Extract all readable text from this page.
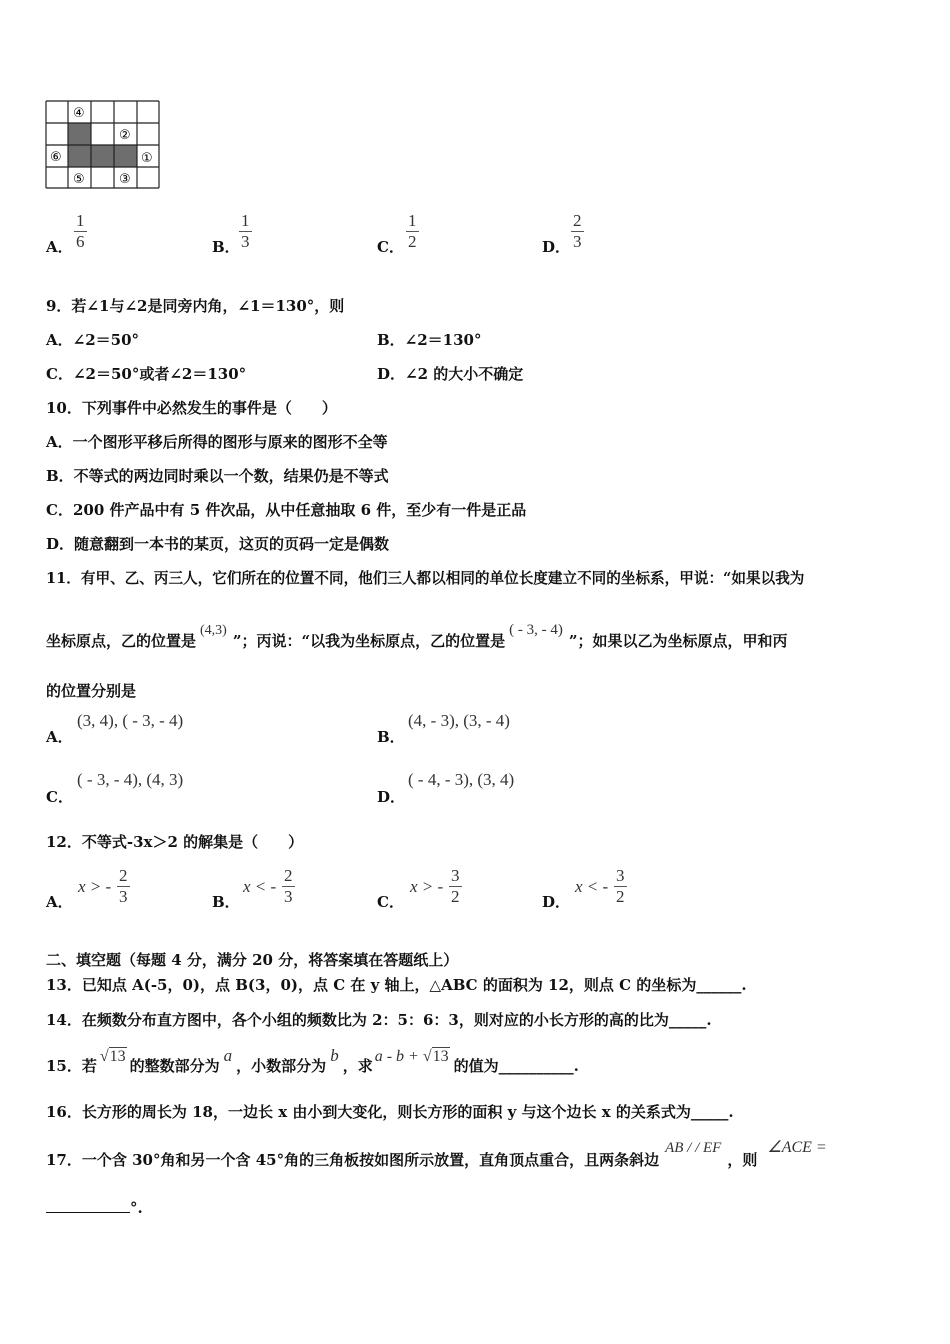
④
②
⑥	①
⑤	③
A．
1
6	B．
1
3	C．
1
2	D．
2
3
9．若∠1与∠2是同旁内角，∠1＝130°，则
A．∠2＝50°	B．∠2＝130°
C．∠2＝50°或者∠2＝130°	D．∠2 的大小不确定
10．下列事件中必然发生的事件是（　　）
A．一个图形平移后所得的图形与原来的图形不全等
B．不等式的两边同时乘以一个数，结果仍是不等式
C．200 件产品中有 5 件次品，从中任意抽取 6 件，至少有一件是正品
D．随意翻到一本书的某页，这页的页码一定是偶数
11．有甲、乙、丙三人，它们所在的位置不同，他们三人都以相同的单位长度建立不同的坐标系，甲说：“如果以我为
坐标原点，乙的位置是(4,3)”；丙说：“以我为坐标原点，乙的位置是( - 3, - 4)”；如果以乙为坐标原点，甲和丙
的位置分别是
A．
(3, 4), ( - 3, - 4)
B．
(4, - 3), (3, - 4)
C．
( - 3, - 4), (4, 3)
D．
( - 4, - 3), (3, 4)
12．不等式-3x＞2 的解集是（　　）
A．
x > -
2
3	B．
x < -
2
3	C．
x > -
3
2	D．
x < -
3
2
二、填空题（每题 4 分，满分 20 分，将答案填在答题纸上）
13．已知点 A(-5，0)，点 B(3，0)，点 C 在 y 轴上，△ABC 的面积为 12，则点 C 的坐标为______.
14．在频数分布直方图中，各个小组的频数比为 2：5：6：3，则对应的小长方形的高的比为_____.
15．若√13的整数部分为a，小数部分为b，求a - b + √13的值为__________.
16．长方形的周长为 18，一边长 x 由小到大变化，则长方形的面积 y 与这个边长 x 的关系式为_____.
17．一个含 30°角和另一个含 45°角的三角板按如图所示放置，直角顶点重合，且两条斜边AB / / EF，则∠ACE =
°.
